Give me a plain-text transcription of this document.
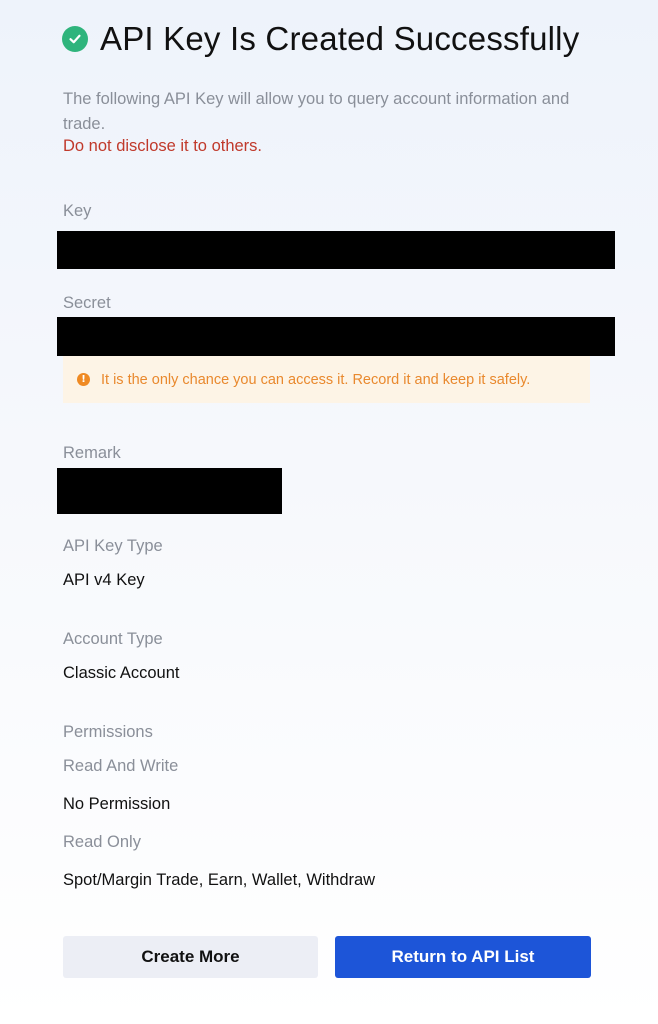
API Key Is Created Successfully
The following API Key will allow you to query account information and trade.
Do not disclose it to others.
Key
Secret
! It is the only chance you can access it. Record it and keep it safely.
Remark
API Key Type
API v4 Key
Account Type
Classic Account
Permissions
Read And Write
No Permission
Read Only
Spot/Margin Trade, Earn, Wallet, Withdraw
Create More	Return to API List
